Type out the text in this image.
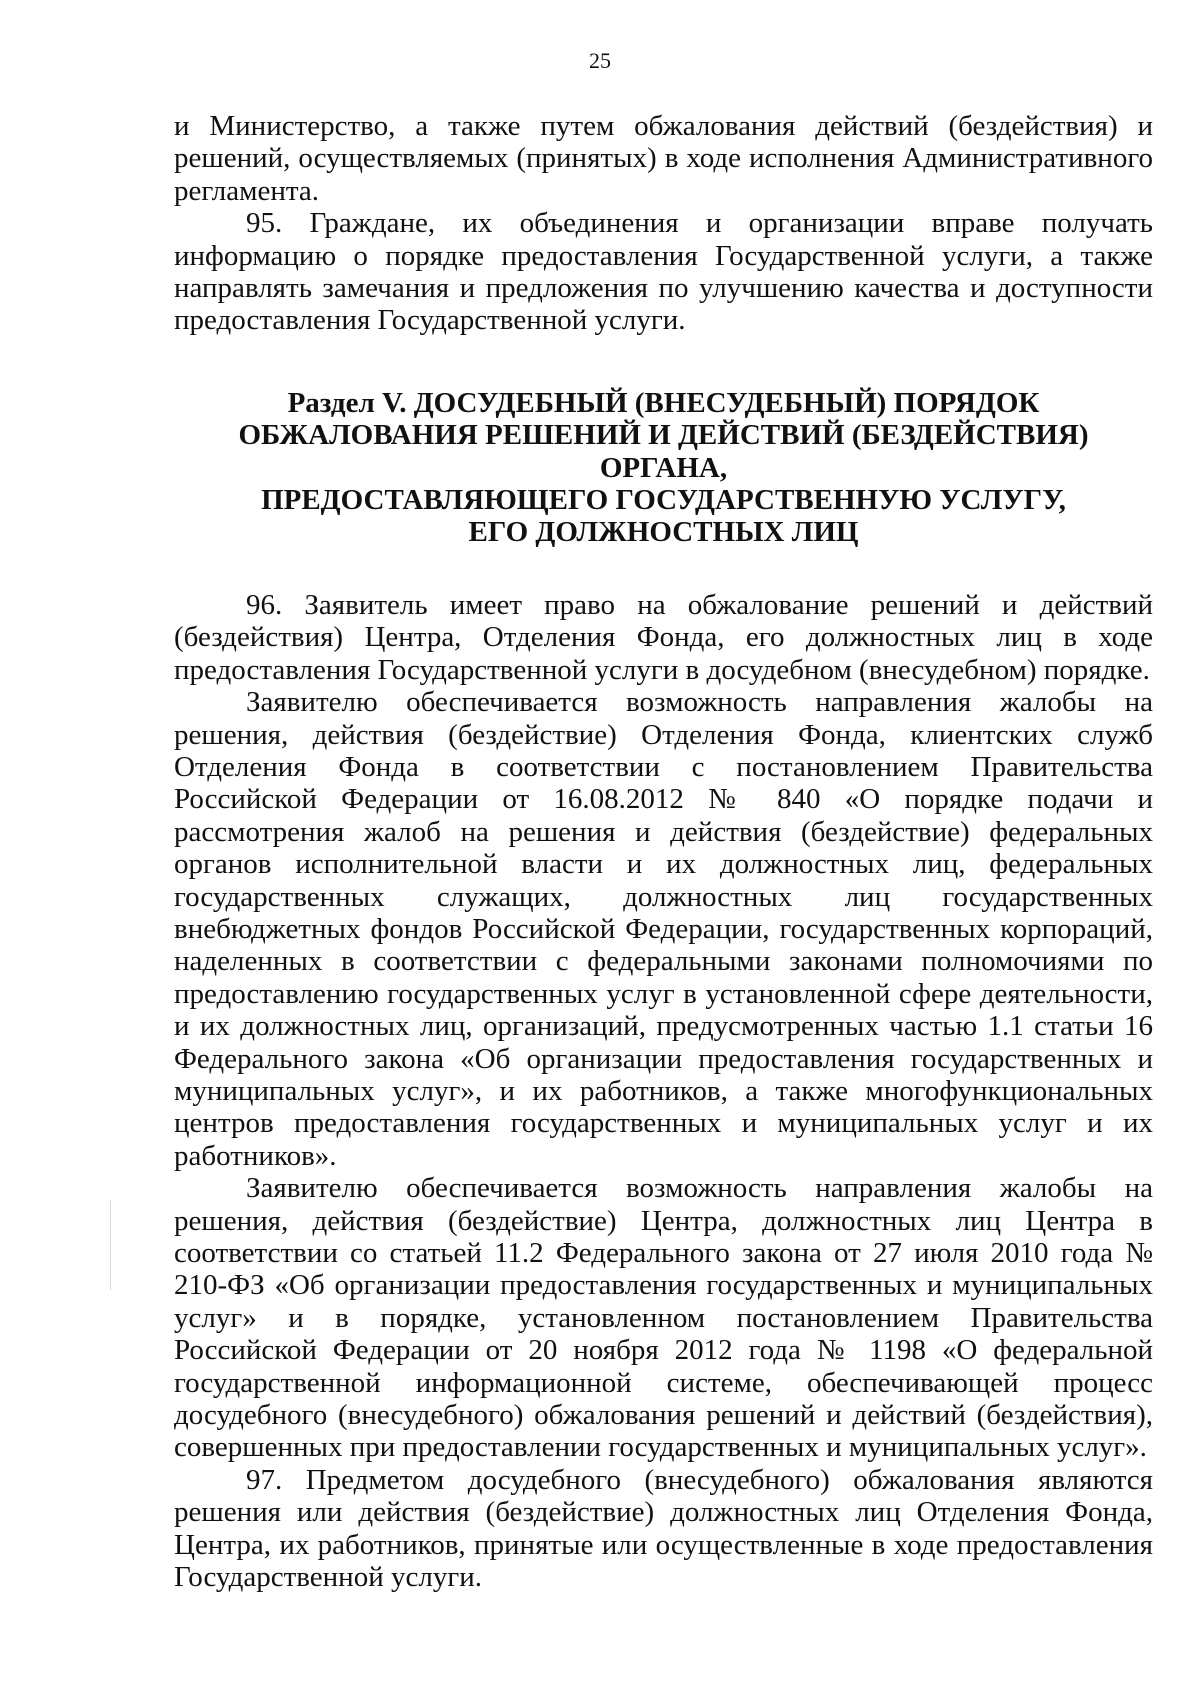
25

и Министерство, а также путем обжалования действий (бездействия) и решений, осуществляемых (принятых) в ходе исполнения Административного регламента.

95. Граждане, их объединения и организации вправе получать информацию о порядке предоставления Государственной услуги, а также направлять замечания и предложения по улучшению качества и доступности предоставления Государственной услуги.

Раздел V. ДОСУДЕБНЫЙ (ВНЕСУДЕБНЫЙ) ПОРЯДОК
ОБЖАЛОВАНИЯ РЕШЕНИЙ И ДЕЙСТВИЙ (БЕЗДЕЙСТВИЯ) ОРГАНА,
ПРЕДОСТАВЛЯЮЩЕГО ГОСУДАРСТВЕННУЮ УСЛУГУ,
ЕГО ДОЛЖНОСТНЫХ ЛИЦ

96. Заявитель имеет право на обжалование решений и действий (бездействия) Центра, Отделения Фонда, его должностных лиц в ходе предоставления Государственной услуги в досудебном (внесудебном) порядке.

Заявителю обеспечивается возможность направления жалобы на решения, действия (бездействие) Отделения Фонда, клиентских служб Отделения Фонда в соответствии с постановлением Правительства Российской Федерации от 16.08.2012 № 840 «О порядке подачи и рассмотрения жалоб на решения и действия (бездействие) федеральных органов исполнительной власти и их должностных лиц, федеральных государственных служащих, должностных лиц государственных внебюджетных фондов Российской Федерации, государственных корпораций, наделенных в соответствии с федеральными законами полномочиями по предоставлению государственных услуг в установленной сфере деятельности, и их должностных лиц, организаций, предусмотренных частью 1.1 статьи 16 Федерального закона «Об организации предоставления государственных и муниципальных услуг», и их работников, а также многофункциональных центров предоставления государственных и муниципальных услуг и их работников».

Заявителю обеспечивается возможность направления жалобы на решения, действия (бездействие) Центра, должностных лиц Центра в соответствии со статьей 11.2 Федерального закона от 27 июля 2010 года № 210-ФЗ «Об организации предоставления государственных и муниципальных услуг» и в порядке, установленном постановлением Правительства Российской Федерации от 20 ноября 2012 года № 1198 «О федеральной государственной информационной системе, обеспечивающей процесс досудебного (внесудебного) обжалования решений и действий (бездействия), совершенных при предоставлении государственных и муниципальных услуг».

97. Предметом досудебного (внесудебного) обжалования являются решения или действия (бездействие) должностных лиц Отделения Фонда, Центра, их работников, принятые или осуществленные в ходе предоставления Государственной услуги.
